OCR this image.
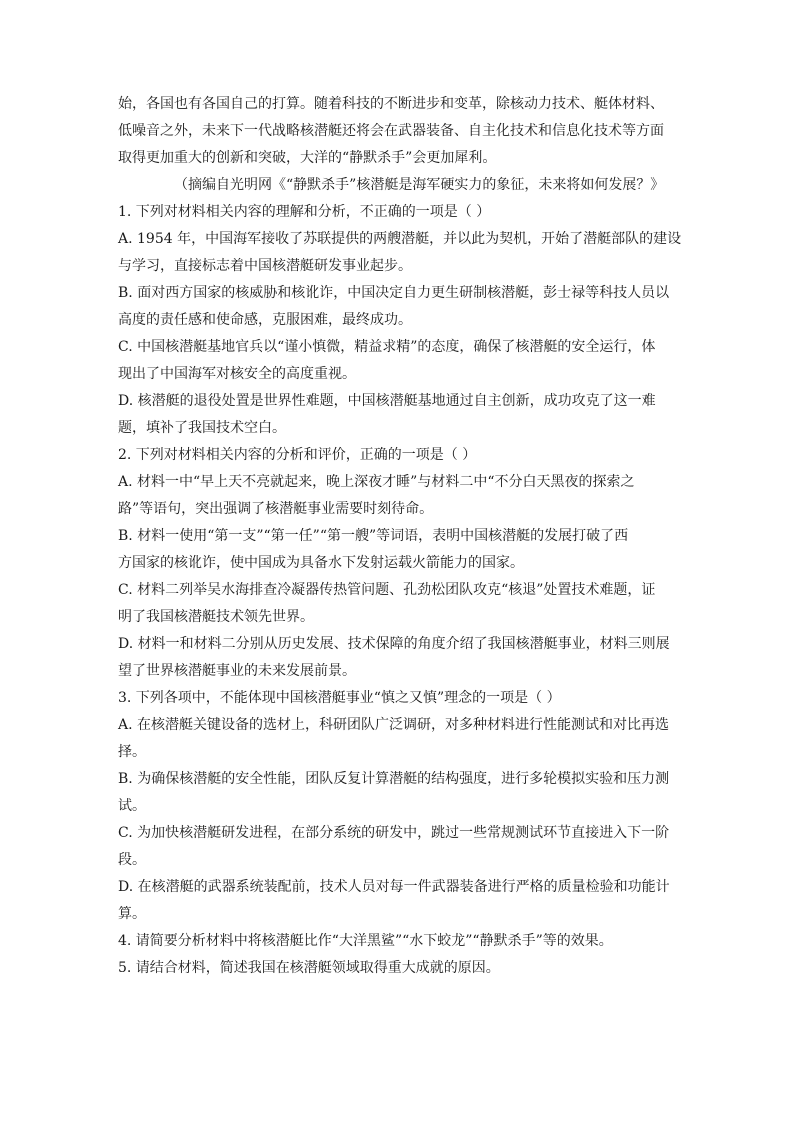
始，各国也有各国自己的打算。随着科技的不断进步和变革，除核动力技术、艇体材料、
低噪音之外，未来下一代战略核潜艇还将会在武器装备、自主化技术和信息化技术等方面
取得更加重大的创新和突破，大洋的“静默杀手”会更加犀利。
（摘编自光明网《“静默杀手”核潜艇是海军硬实力的象征，未来将如何发展？》
1. 下列对材料相关内容的理解和分析，不正确的一项是（ ）
A. 1954 年，中国海军接收了苏联提供的两艘潜艇，并以此为契机，开始了潜艇部队的建设
与学习，直接标志着中国核潜艇研发事业起步。
B. 面对西方国家的核威胁和核讹诈，中国决定自力更生研制核潜艇，彭士禄等科技人员以
高度的责任感和使命感，克服困难，最终成功。
C. 中国核潜艇基地官兵以“谨小慎微，精益求精”的态度，确保了核潜艇的安全运行，体
现出了中国海军对核安全的高度重视。
D. 核潜艇的退役处置是世界性难题，中国核潜艇基地通过自主创新，成功攻克了这一难
题，填补了我国技术空白。
2. 下列对材料相关内容的分析和评价，正确的一项是（ ）
A. 材料一中“早上天不亮就起来，晚上深夜才睡”与材料二中“不分白天黑夜的探索之
路”等语句，突出强调了核潜艇事业需要时刻待命。
B. 材料一使用“第一支”“第一任”“第一艘”等词语，表明中国核潜艇的发展打破了西
方国家的核讹诈，使中国成为具备水下发射运载火箭能力的国家。
C. 材料二列举吴水海排查冷凝器传热管问题、孔劲松团队攻克“核退”处置技术难题，证
明了我国核潜艇技术领先世界。
D. 材料一和材料二分别从历史发展、技术保障的角度介绍了我国核潜艇事业，材料三则展
望了世界核潜艇事业的未来发展前景。
3. 下列各项中，不能体现中国核潜艇事业“慎之又慎”理念的一项是（ ）
A. 在核潜艇关键设备的选材上，科研团队广泛调研，对多种材料进行性能测试和对比再选
择。
B. 为确保核潜艇的安全性能，团队反复计算潜艇的结构强度，进行多轮模拟实验和压力测
试。
C. 为加快核潜艇研发进程，在部分系统的研发中，跳过一些常规测试环节直接进入下一阶
段。
D. 在核潜艇的武器系统装配前，技术人员对每一件武器装备进行严格的质量检验和功能计
算。
4. 请简要分析材料中将核潜艇比作“大洋黑鲨”“水下蛟龙”“静默杀手”等的效果。
5. 请结合材料，简述我国在核潜艇领域取得重大成就的原因。
